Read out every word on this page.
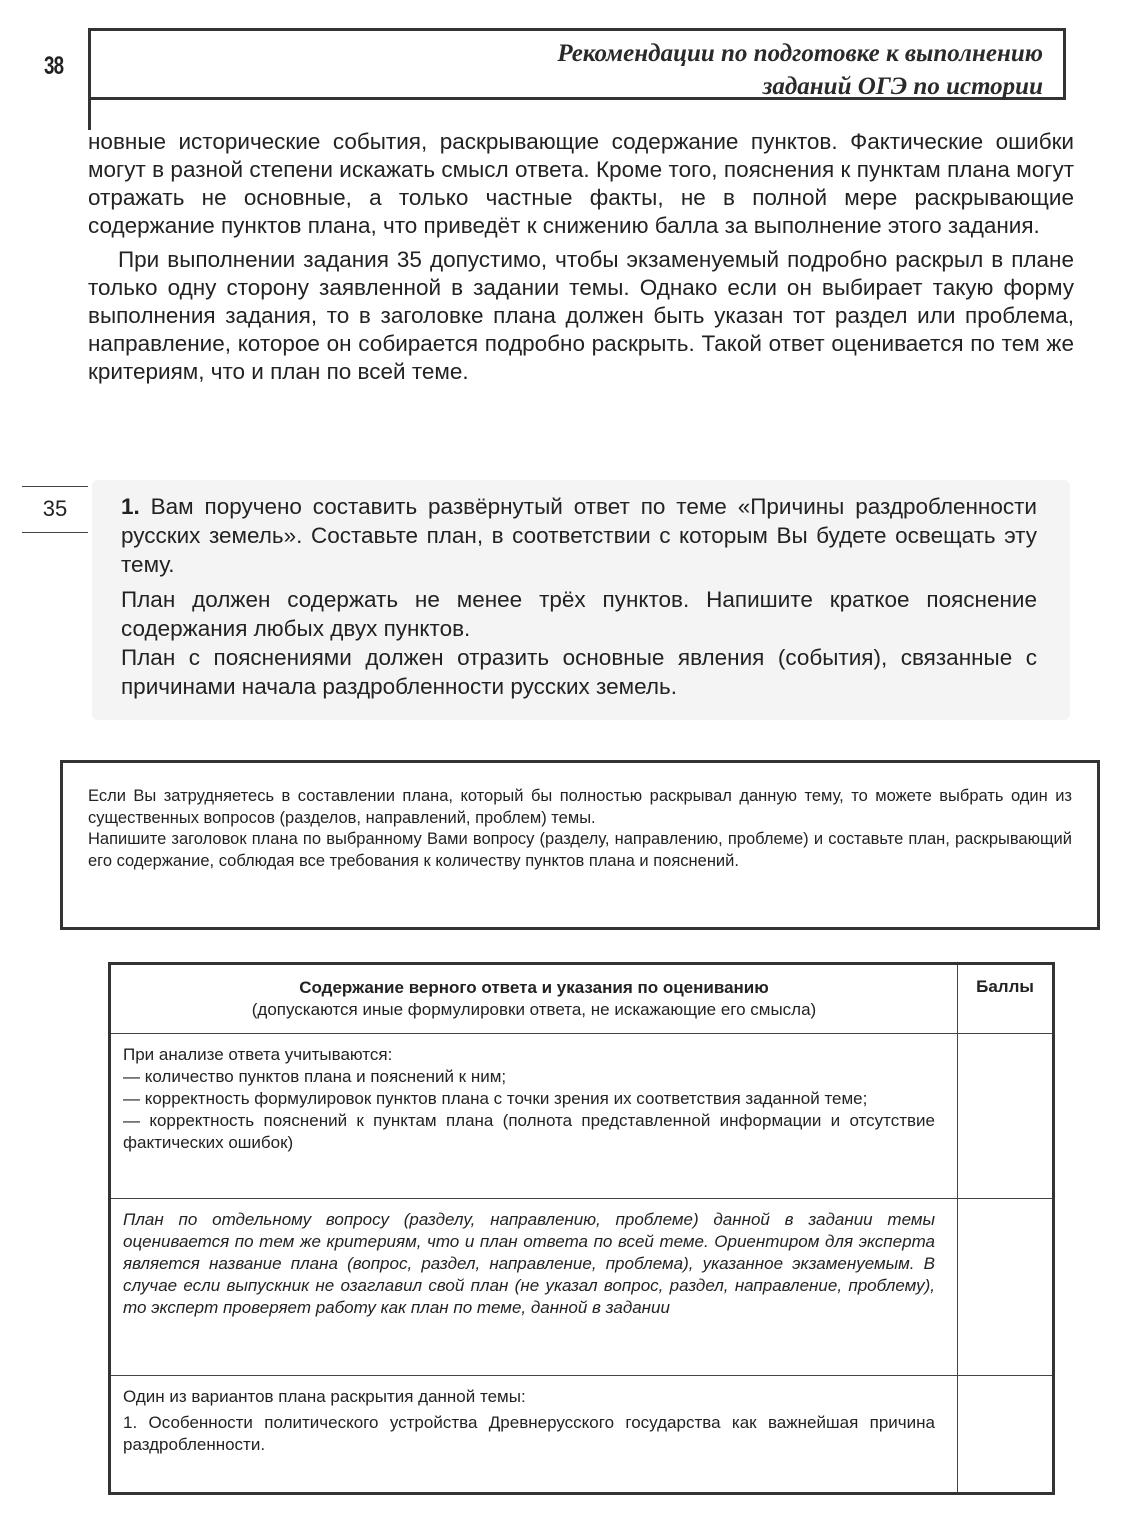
38	Рекомендации по подготовке к выполнению
заданий ОГЭ по истории

новные исторические события, раскрывающие содержание пунктов. Фактические ошибки могут в разной степени искажать смысл ответа. Кроме того, пояснения к пунктам плана могут отражать не основные, а только частные факты, не в полной мере раскрывающие содержание пунктов плана, что приведёт к снижению балла за выполнение этого задания.

При выполнении задания 35 допустимо, чтобы экзаменуемый подробно раскрыл в плане только одну сторону заявленной в задании темы. Однако если он выбирает такую форму выполнения задания, то в заголовке плана должен быть указан тот раздел или проблема, направление, которое он собирается подробно раскрыть. Такой ответ оценивается по тем же критериям, что и план по всей теме.

35	1. Вам поручено составить развёрнутый ответ по теме «Причины раздробленности русских земель». Составьте план, в соответствии с которым Вы будете освещать эту тему.

План должен содержать не менее трёх пунктов. Напишите краткое пояснение содержания любых двух пунктов.

План с пояснениями должен отразить основные явления (события), связанные с причинами начала раздробленности русских земель.

Если Вы затрудняетесь в составлении плана, который бы полностью раскрывал данную тему, то можете выбрать один из существенных вопросов (разделов, направлений, проблем) темы.

Напишите заголовок плана по выбранному Вами вопросу (разделу, направлению, проблеме) и составьте план, раскрывающий его содержание, соблюдая все требования к количеству пунктов плана и пояснений.

Содержание верного ответа и указания по оцениванию
(допускаются иные формулировки ответа, не искажающие его смысла)	Баллы

При анализе ответа учитываются:

— количество пунктов плана и пояснений к ним;

— корректность формулировок пунктов плана с точки зрения их соответствия заданной теме;

— корректность пояснений к пунктам плана (полнота представленной информации и отсутствие фактических ошибок)	

План по отдельному вопросу (разделу, направлению, проблеме) данной в задании темы оценивается по тем же критериям, что и план ответа по всей теме. Ориентиром для эксперта является название плана (вопрос, раздел, направление, проблема), указанное экзаменуемым. В случае если выпускник не озаглавил свой план (не указал вопрос, раздел, направление, проблему), то эксперт проверяет работу как план по теме, данной в задании	

Один из вариантов плана раскрытия данной темы:

1. Особенности политического устройства Древнерусского государства как важнейшая причина раздробленности.	
